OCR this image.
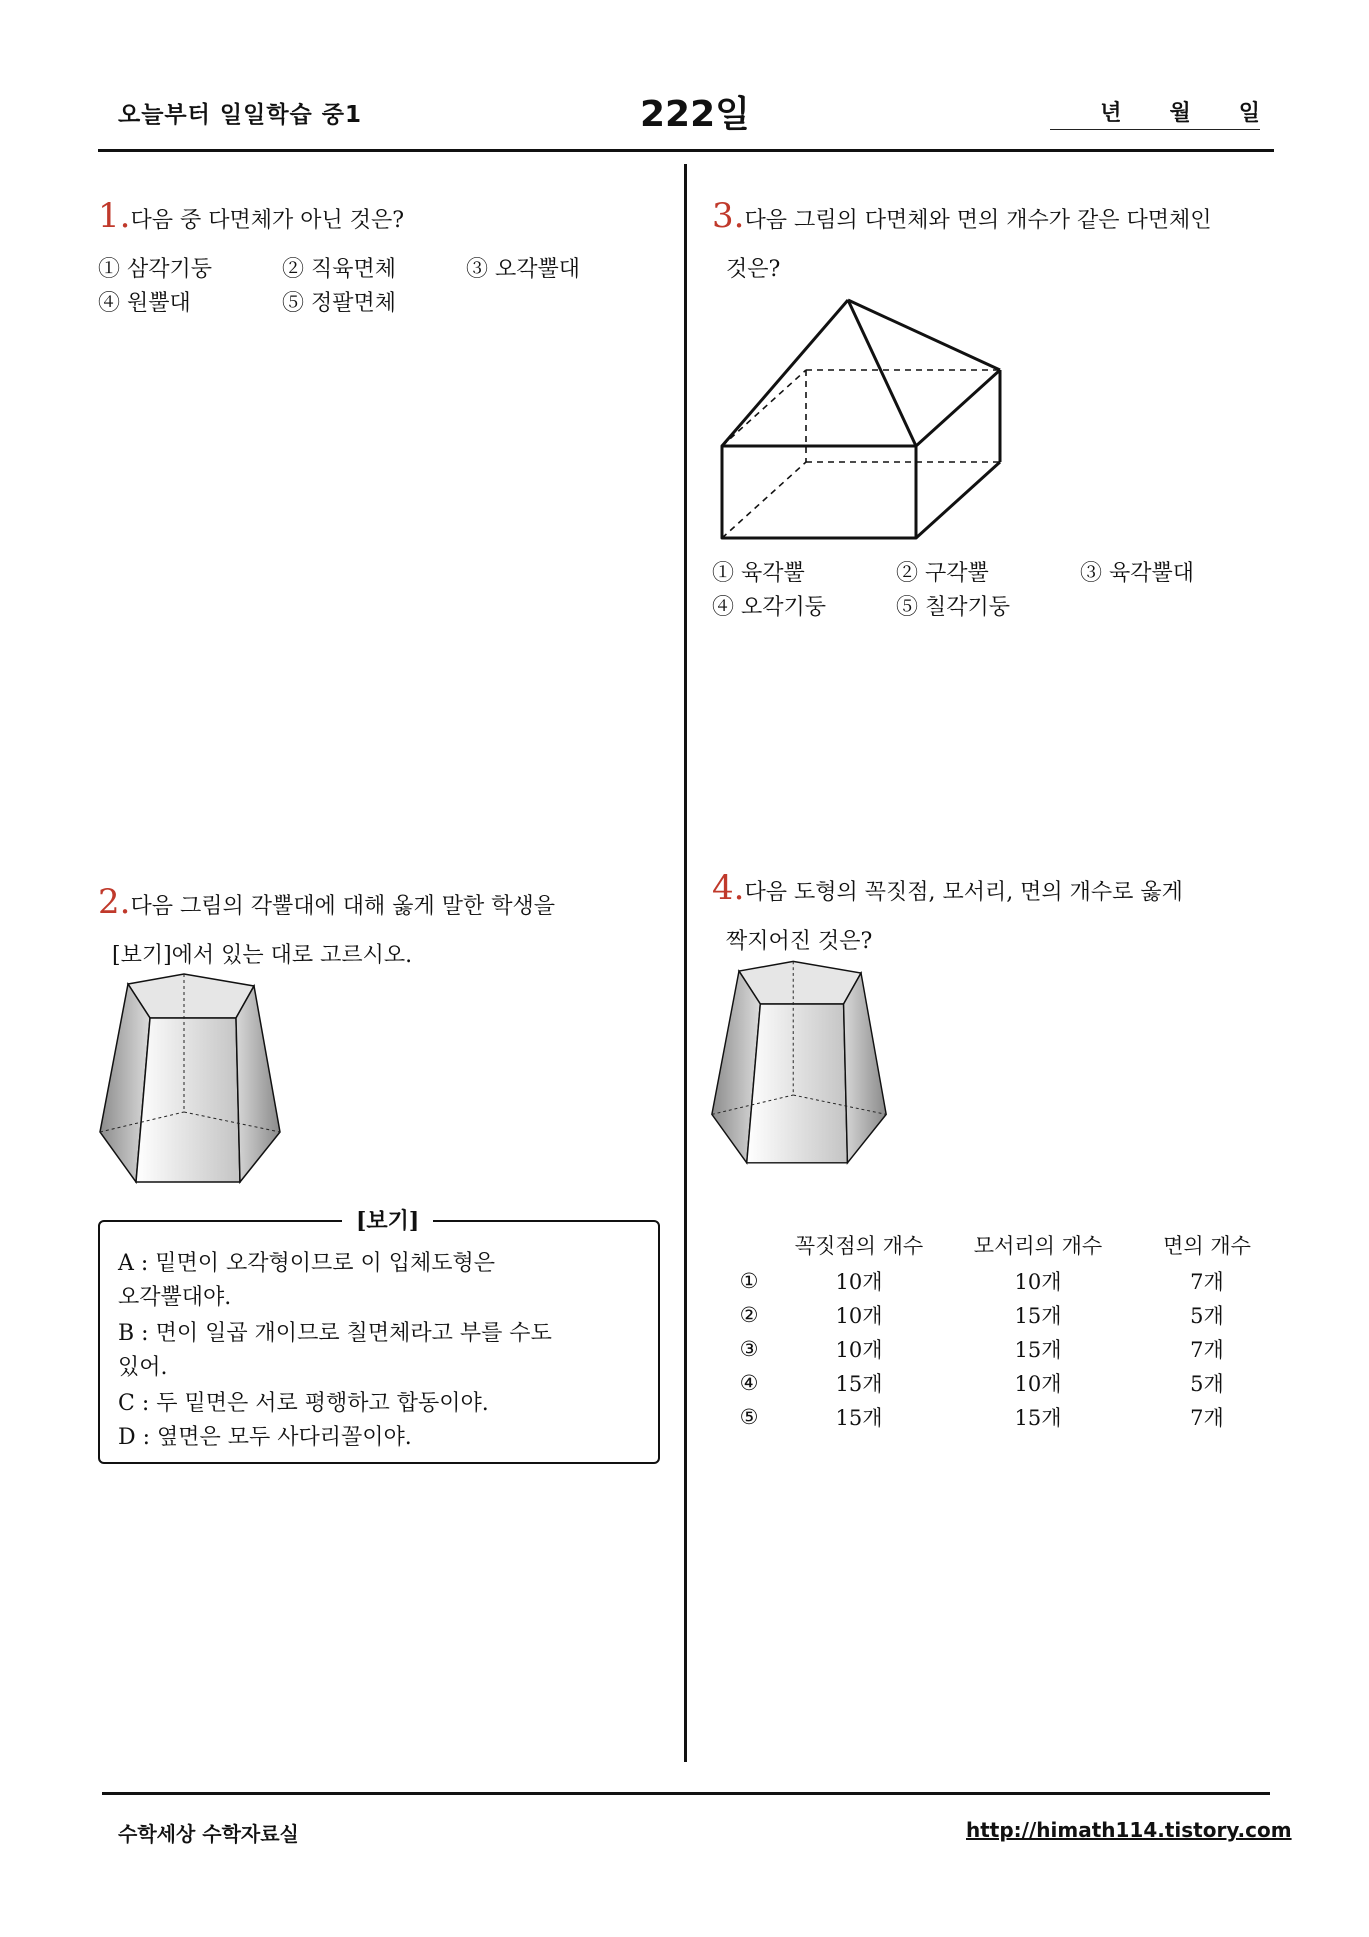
오늘부터 일일학습 중1	222일	년 월 일
1.다음 중 다면체가 아닌 것은?
① 삼각기둥	② 직육면체	③ 오각뿔대
④ 원뿔대	⑤ 정팔면체
3.다음 그림의 다면체와 면의 개수가 같은 다면체인
것은?
① 육각뿔	② 구각뿔	③ 육각뿔대
④ 오각기둥	⑤ 칠각기둥
2.다음 그림의 각뿔대에 대해 옳게 말한 학생을
[보기]에서 있는 대로 고르시오.
[보기]
A : 밑면이 오각형이므로 이 입체도형은
오각뿔대야.
B : 면이 일곱 개이므로 칠면체라고 부를 수도
있어.
C : 두 밑면은 서로 평행하고 합동이야.
D : 옆면은 모두 사다리꼴이야.
4.다음 도형의 꼭짓점, 모서리, 면의 개수로 옳게
짝지어진 것은?
	꼭짓점의 개수	모서리의 개수	면의 개수
①	10개	10개	7개
②	10개	15개	5개
③	10개	15개	7개
④	15개	10개	5개
⑤	15개	15개	7개
수학세상 수학자료실	http://himath114.tistory.com
